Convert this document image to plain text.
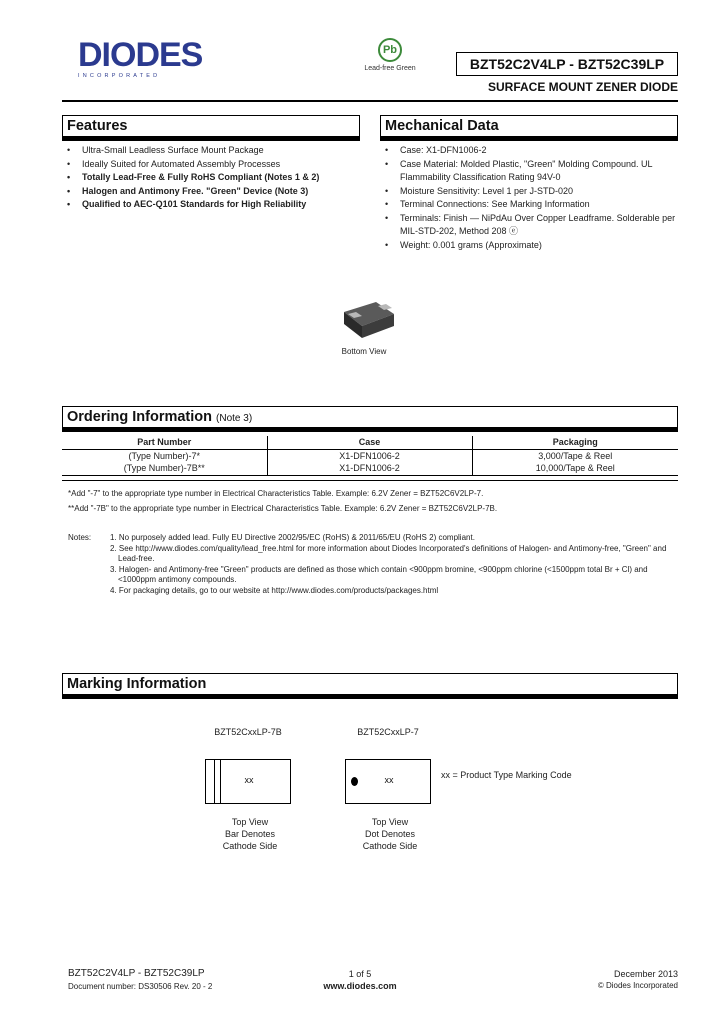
DIODES
INCORPORATED
Pb
Lead-free Green	BZT52C2V4LP - BZT52C39LP
SURFACE MOUNT ZENER DIODE
Features
• Ultra-Small Leadless Surface Mount Package
• Ideally Suited for Automated Assembly Processes
• Totally Lead-Free & Fully RoHS Compliant (Notes 1 & 2)
• Halogen and Antimony Free. "Green" Device (Note 3)
• Qualified to AEC-Q101 Standards for High Reliability
Mechanical Data
• Case: X1-DFN1006-2
• Case Material: Molded Plastic, "Green" Molding Compound. UL Flammability Classification Rating 94V-0
• Moisture Sensitivity: Level 1 per J-STD-020
• Terminal Connections: See Marking Information
• Terminals: Finish — NiPdAu Over Copper Leadframe. Solderable per MIL-STD-202, Method 208 ⓔ
• Weight: 0.001 grams (Approximate)
Bottom View
Ordering Information (Note 3)
Part Number	Case	Packaging
(Type Number)-7*	X1-DFN1006-2	3,000/Tape & Reel
(Type Number)-7B**	X1-DFN1006-2	10,000/Tape & Reel
*Add "-7" to the appropriate type number in Electrical Characteristics Table. Example: 6.2V Zener = BZT52C6V2LP-7.
**Add "-7B" to the appropriate type number in Electrical Characteristics Table. Example: 6.2V Zener = BZT52C6V2LP-7B.
Notes: 1. No purposely added lead. Fully EU Directive 2002/95/EC (RoHS) & 2011/65/EU (RoHS 2) compliant.
2. See http://www.diodes.com/quality/lead_free.html for more information about Diodes Incorporated's definitions of Halogen- and Antimony-free, "Green" and Lead-free.
3. Halogen- and Antimony-free "Green" products are defined as those which contain <900ppm bromine, <900ppm chlorine (<1500ppm total Br + Cl) and <1000ppm antimony compounds.
4. For packaging details, go to our website at http://www.diodes.com/products/packages.html
Marking Information
BZT52CxxLP-7B	BZT52CxxLP-7
xx	xx	xx = Product Type Marking Code
Top View
Bar Denotes
Cathode Side
Top View
Dot Denotes
Cathode Side
BZT52C2V4LP - BZT52C39LP
Document number: DS30506 Rev. 20 - 2
1 of 5
www.diodes.com
December 2013
© Diodes Incorporated
